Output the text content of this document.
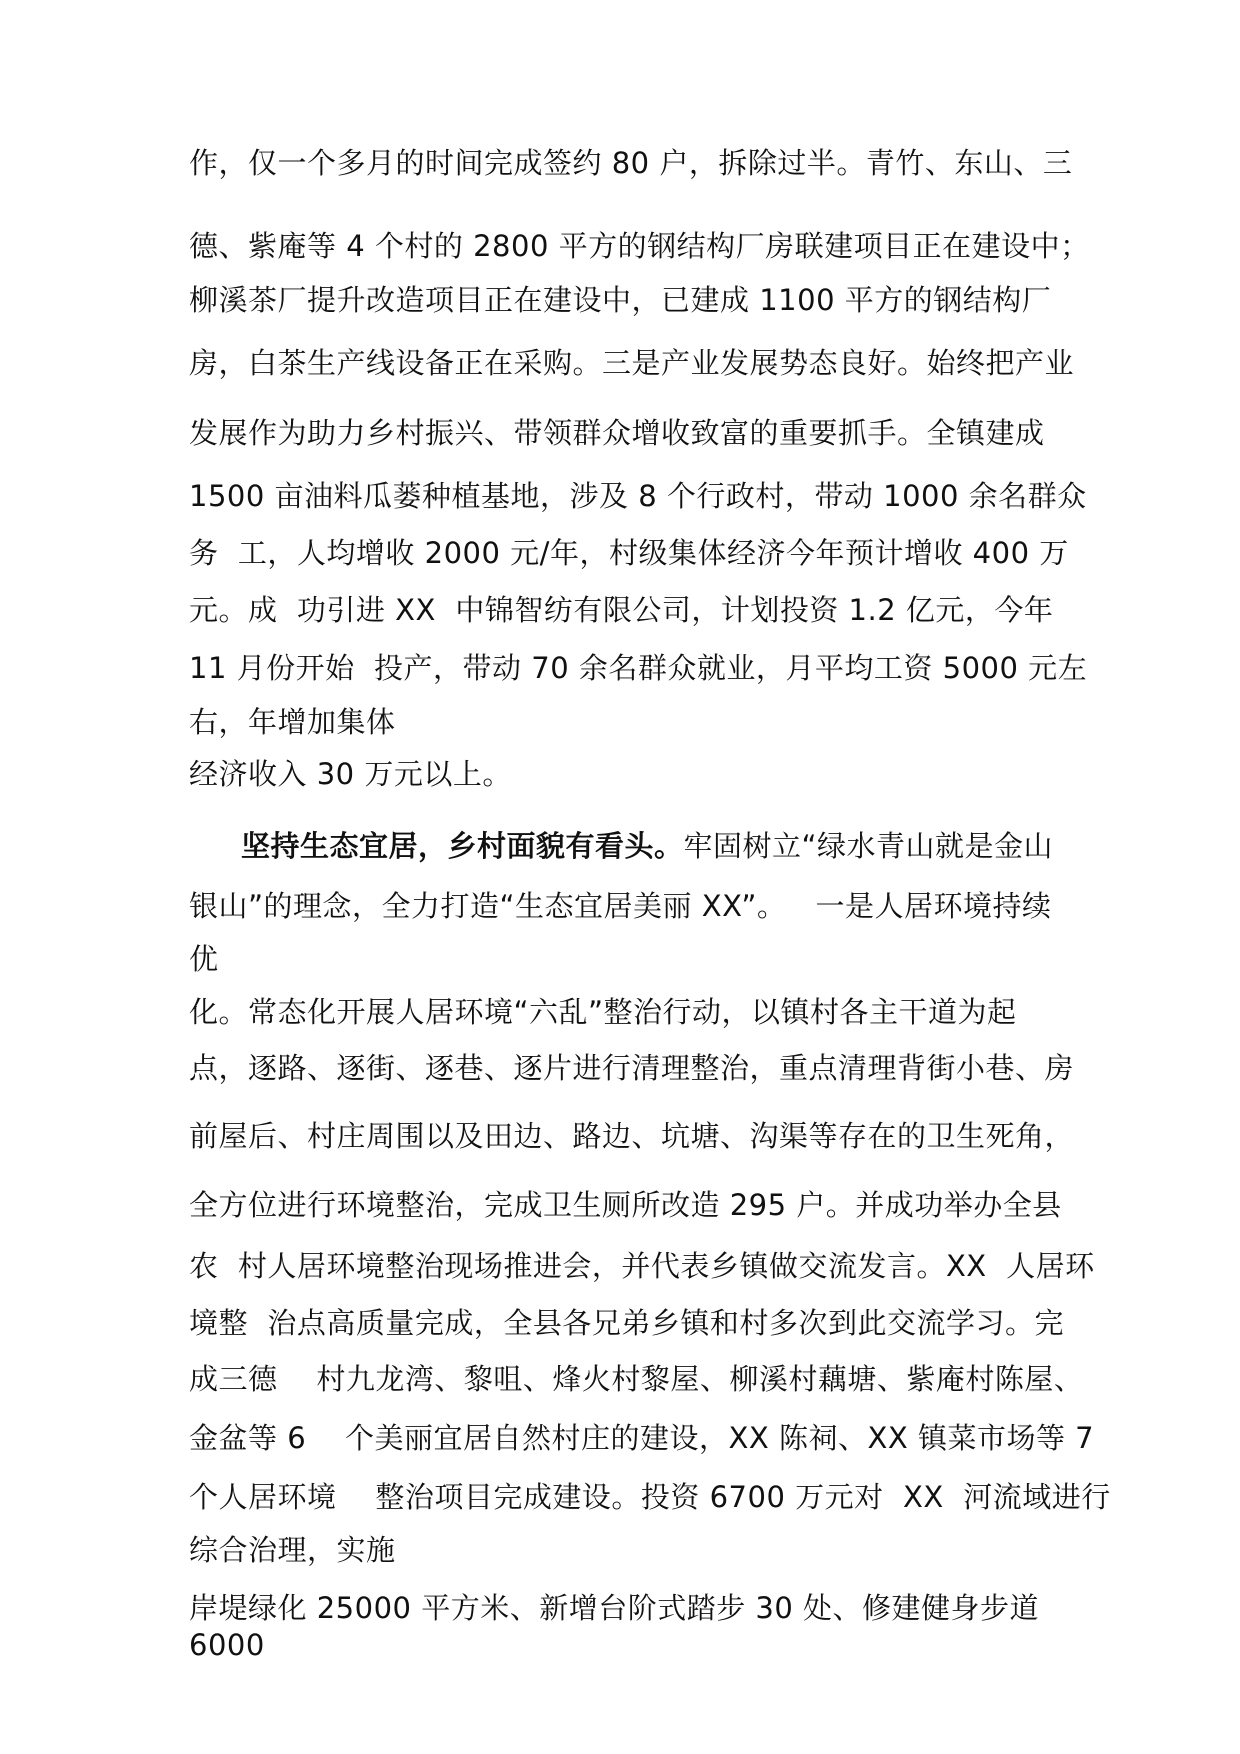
作，仅一个多月的时间完成签约 80 户，拆除过半。青竹、东山、三
德、紫庵等 4 个村的 2800 平方的钢结构厂房联建项目正在建设中；
柳溪茶厂提升改造项目正在建设中，已建成 1100 平方的钢结构厂
房，白茶生产线设备正在采购。三是产业发展势态良好。始终把产业
发展作为助力乡村振兴、带领群众增收致富的重要抓手。全镇建成
1500 亩油料瓜蒌种植基地，涉及 8 个行政村，带动 1000 余名群众
务  工，人均增收 2000 元/年，村级集体经济今年预计增收 400 万
元。成  功引进 XX  中锦智纺有限公司，计划投资 1.2 亿元，今年
11 月份开始  投产，带动 70 余名群众就业，月平均工资 5000 元左
右，年增加集体
经济收入 30 万元以上。
坚持生态宜居，乡村面貌有看头。牢固树立“绿水青山就是金山
银山”的理念，全力打造“生态宜居美丽 XX”。   一是人居环境持续
优
化。常态化开展人居环境“六乱”整治行动，以镇村各主干道为起
点，逐路、逐街、逐巷、逐片进行清理整治，重点清理背街小巷、房
前屋后、村庄周围以及田边、路边、坑塘、沟渠等存在的卫生死角，
全方位进行环境整治，完成卫生厕所改造 295 户。并成功举办全县
农  村人居环境整治现场推进会，并代表乡镇做交流发言。XX  人居环
境整  治点高质量完成，全县各兄弟乡镇和村多次到此交流学习。完
成三德    村九龙湾、黎咀、烽火村黎屋、柳溪村藕塘、紫庵村陈屋、
金盆等 6    个美丽宜居自然村庄的建设，XX 陈祠、XX 镇菜市场等 7
个人居环境    整治项目完成建设。投资 6700 万元对  XX  河流域进行
综合治理，实施
岸堤绿化 25000 平方米、新增台阶式踏步 30 处、修建健身步道
6000
